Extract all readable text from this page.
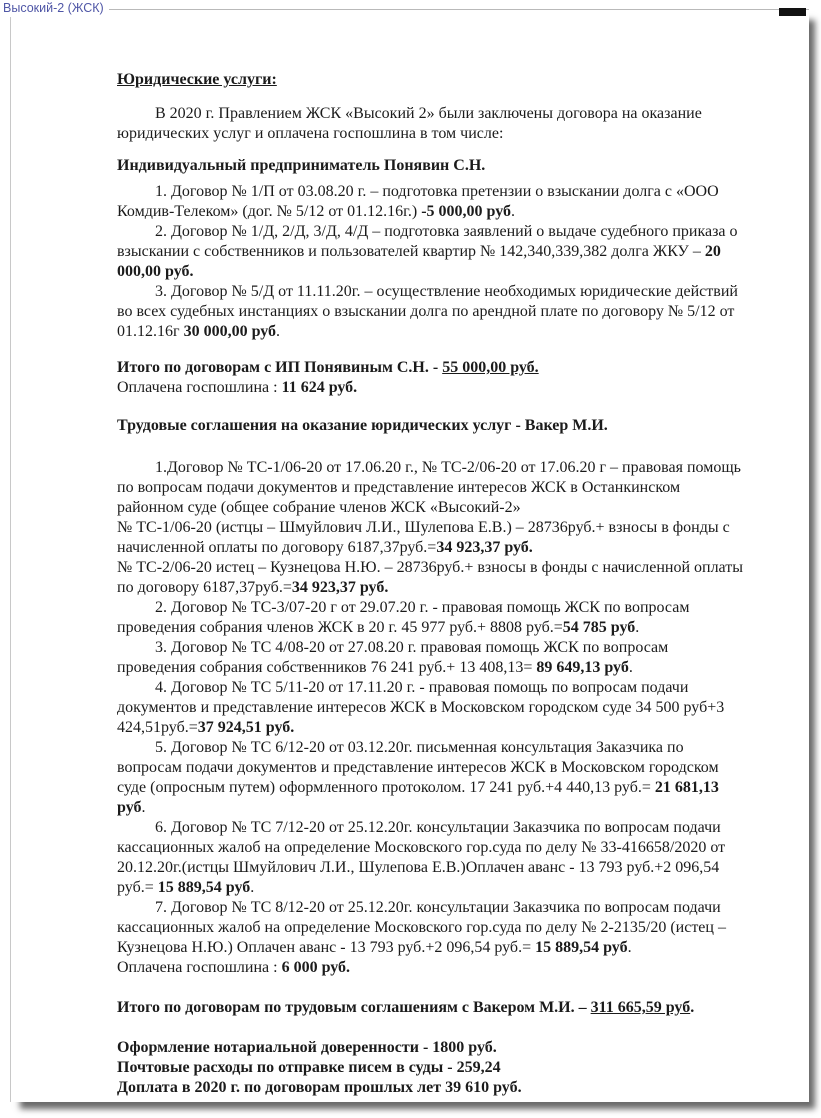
Юридические услуги:

В 2020 г. Правлением ЖСК «Высокий 2» были заключены договора на оказание юридических услуг и оплачена госпошлина в том числе:

Индивидуальный предприниматель Понявин С.Н.

1. Договор № 1/П от 03.08.20 г. – подготовка претензии о взыскании долга с «ООО Комдив-Телеком» (дог. № 5/12 от 01.12.16г.) -5 000,00 руб.

2. Договор № 1/Д, 2/Д, 3/Д, 4/Д – подготовка заявлений о выдаче судебного приказа о взыскании с собственников и пользователей квартир № 142,340,339,382 долга ЖКУ – 20 000,00 руб.

3. Договор № 5/Д от 11.11.20г. – осуществление необходимых юридические действий во всех судебных инстанциях о взыскании долга по арендной плате по договору № 5/12 от 01.12.16г 30 000,00 руб.

Итого по договорам с ИП Понявиным С.Н. - 55 000,00 руб.

Оплачена госпошлина : 11 624 руб.

Трудовые соглашения на оказание юридических услуг - Вакер М.И.

1.Договор № ТС-1/06-20 от 17.06.20 г., № ТС-2/06-20 от 17.06.20 г – правовая помощь по вопросам подачи документов и представление интересов ЖСК в Останкинском районном суде (общее собрание членов ЖСК «Высокий-2»

№ ТС-1/06-20 (истцы – Шмуйлович Л.И., Шулепова Е.В.) – 28736руб.+ взносы в фонды с начисленной оплаты по договору 6187,37руб.=34 923,37 руб.

№ ТС-2/06-20 истец – Кузнецова Н.Ю. – 28736руб.+ взносы в фонды с начисленной оплаты по договору 6187,37руб.=34 923,37 руб.

2. Договор № ТС-3/07-20 г от 29.07.20 г. - правовая помощь ЖСК по вопросам проведения собрания членов ЖСК в 20 г. 45 977 руб.+ 8808 руб.=54 785 руб.

3. Договор № ТС 4/08-20 от 27.08.20 г. правовая помощь ЖСК по вопросам проведения собрания собственников 76 241 руб.+ 13 408,13= 89 649,13 руб.

4. Договор № ТС 5/11-20 от 17.11.20 г. - правовая помощь по вопросам подачи документов и представление интересов ЖСК в Московском городском суде 34 500 руб+3 424,51руб.=37 924,51 руб.

5. Договор № ТС 6/12-20 от 03.12.20г. письменная консультация Заказчика по вопросам подачи документов и представление интересов ЖСК в Московском городском суде (опросным путем) оформленного протоколом. 17 241 руб.+4 440,13 руб.= 21 681,13 руб.

6. Договор № ТС 7/12-20 от 25.12.20г. консультации Заказчика по вопросам подачи кассационных жалоб на определение Московского гор.суда по делу № 33-416658/2020 от 20.12.20г.(истцы Шмуйлович Л.И., Шулепова Е.В.)Оплачен аванс - 13 793 руб.+2 096,54 руб.= 15 889,54 руб.

7. Договор № ТС 8/12-20 от 25.12.20г. консультации Заказчика по вопросам подачи кассационных жалоб на определение Московского гор.суда по делу № 2-2135/20 (истец – Кузнецова Н.Ю.) Оплачен аванс - 13 793 руб.+2 096,54 руб.= 15 889,54 руб.

Оплачена госпошлина : 6 000 руб.

Итого по договорам по трудовым соглашениям с Вакером М.И. – 311 665,59 руб.

Оформление нотариальной доверенности - 1800 руб.

Почтовые расходы по отправке писем в суды - 259,24

Доплата в 2020 г. по договорам прошлых лет 39 610 руб.

Высокий-2 (ЖСК)
